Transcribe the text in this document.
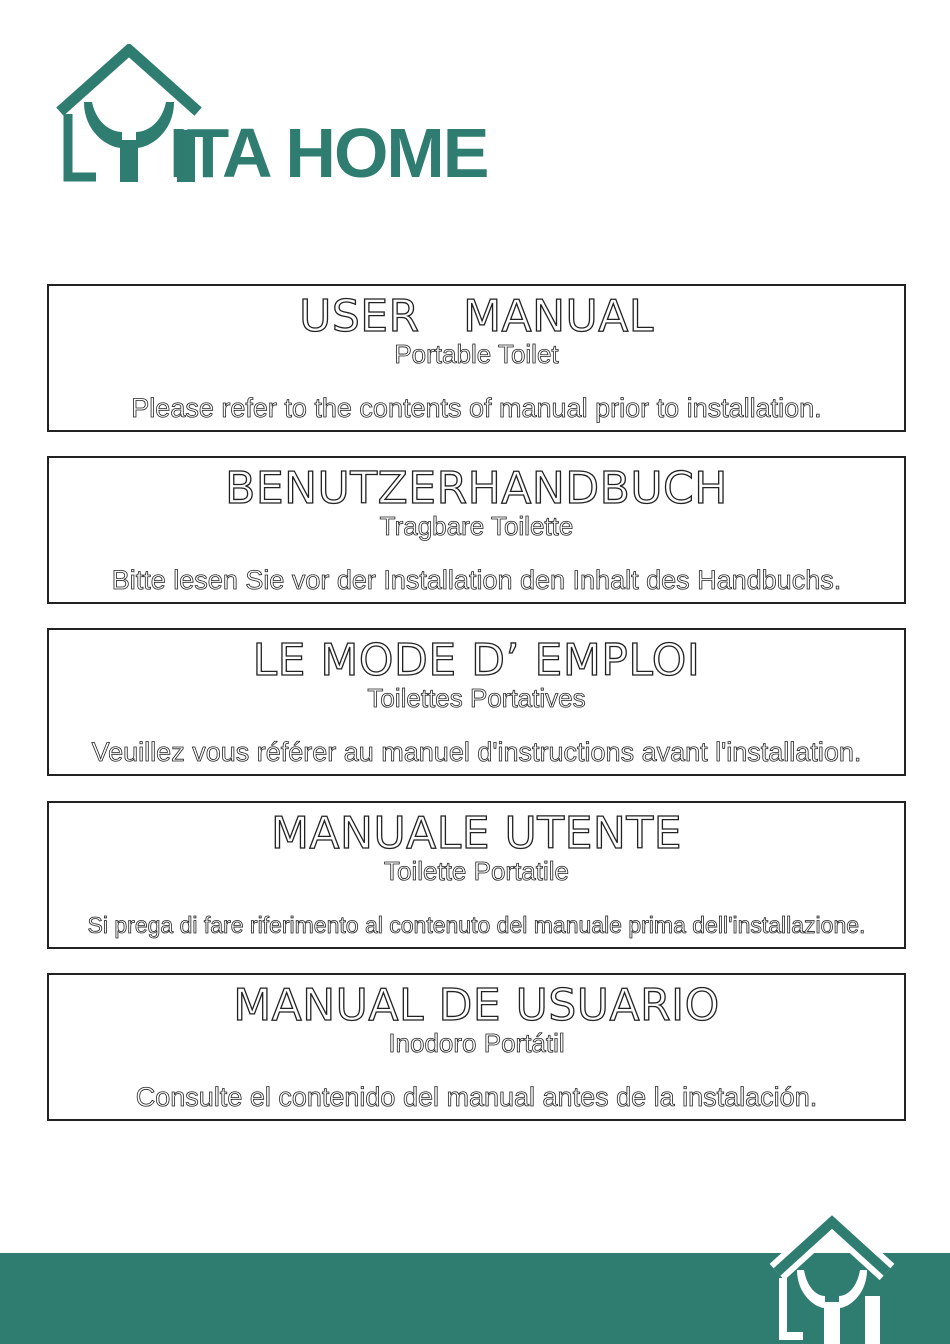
ITA HOME
USER   MANUAL
Portable Toilet
Please refer to the contents of manual prior to installation.
BENUTZERHANDBUCH
Tragbare Toilette
Bitte lesen Sie vor der Installation den Inhalt des Handbuchs.
LE MODE D’ EMPLOI
Toilettes Portatives
Veuillez vous référer au manuel d'instructions avant l'installation.
MANUALE UTENTE
Toilette Portatile
Si prega di fare riferimento al contenuto del manuale prima dell'installazione.
MANUAL DE USUARIO
Inodoro Portátil
Consulte el contenido del manual antes de la instalación.
